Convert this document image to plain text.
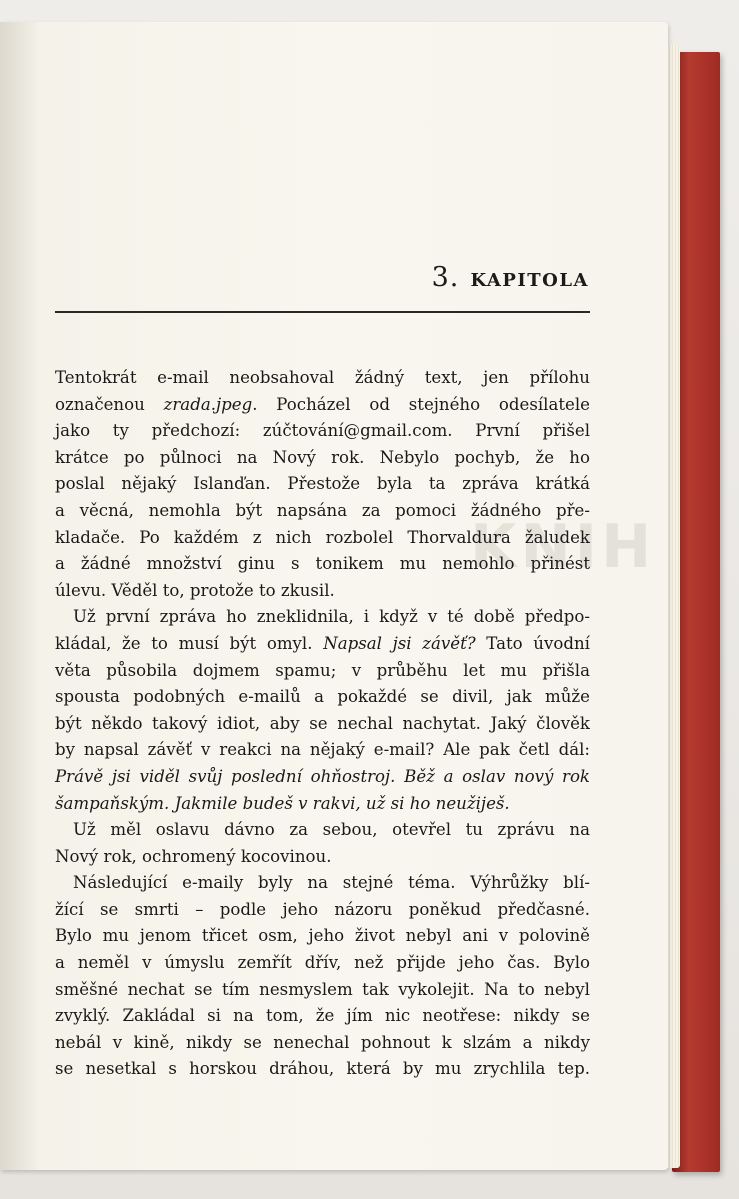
3. KAPITOLA
KNIH
Tentokrát e-mail neobsahoval žádný text, jen přílohu
označenou zrada.jpeg. Pocházel od stejného odesílatele
jako ty předchozí: zúčtování@gmail.com. První přišel
krátce po půlnoci na Nový rok. Nebylo pochyb, že ho
poslal nějaký Islanďan. Přestože byla ta zpráva krátká
a věcná, nemohla být napsána za pomoci žádného pře-
kladače. Po každém z nich rozbolel Thorvaldura žaludek
a žádné množství ginu s tonikem mu nemohlo přinést
úlevu. Věděl to, protože to zkusil.
Už první zpráva ho zneklidnila, i když v té době předpo-
kládal, že to musí být omyl. Napsal jsi závěť? Tato úvodní
věta působila dojmem spamu; v průběhu let mu přišla
spousta podobných e-mailů a pokaždé se divil, jak může
být někdo takový idiot, aby se nechal nachytat. Jaký člověk
by napsal závěť v reakci na nějaký e-mail? Ale pak četl dál:
Právě jsi viděl svůj poslední ohňostroj. Běž a oslav nový rok
šampaňským. Jakmile budeš v rakvi, už si ho neužiješ.
Už měl oslavu dávno za sebou, otevřel tu zprávu na
Nový rok, ochromený kocovinou.
Následující e-maily byly na stejné téma. Výhrůžky blí-
žící se smrti – podle jeho názoru poněkud předčasné.
Bylo mu jenom třicet osm, jeho život nebyl ani v polovině
a neměl v úmyslu zemřít dřív, než přijde jeho čas. Bylo
směšné nechat se tím nesmyslem tak vykolejit. Na to nebyl
zvyklý. Zakládal si na tom, že jím nic neotřese: nikdy se
nebál v kině, nikdy se nenechal pohnout k slzám a nikdy
se nesetkal s horskou dráhou, která by mu zrychlila tep.
